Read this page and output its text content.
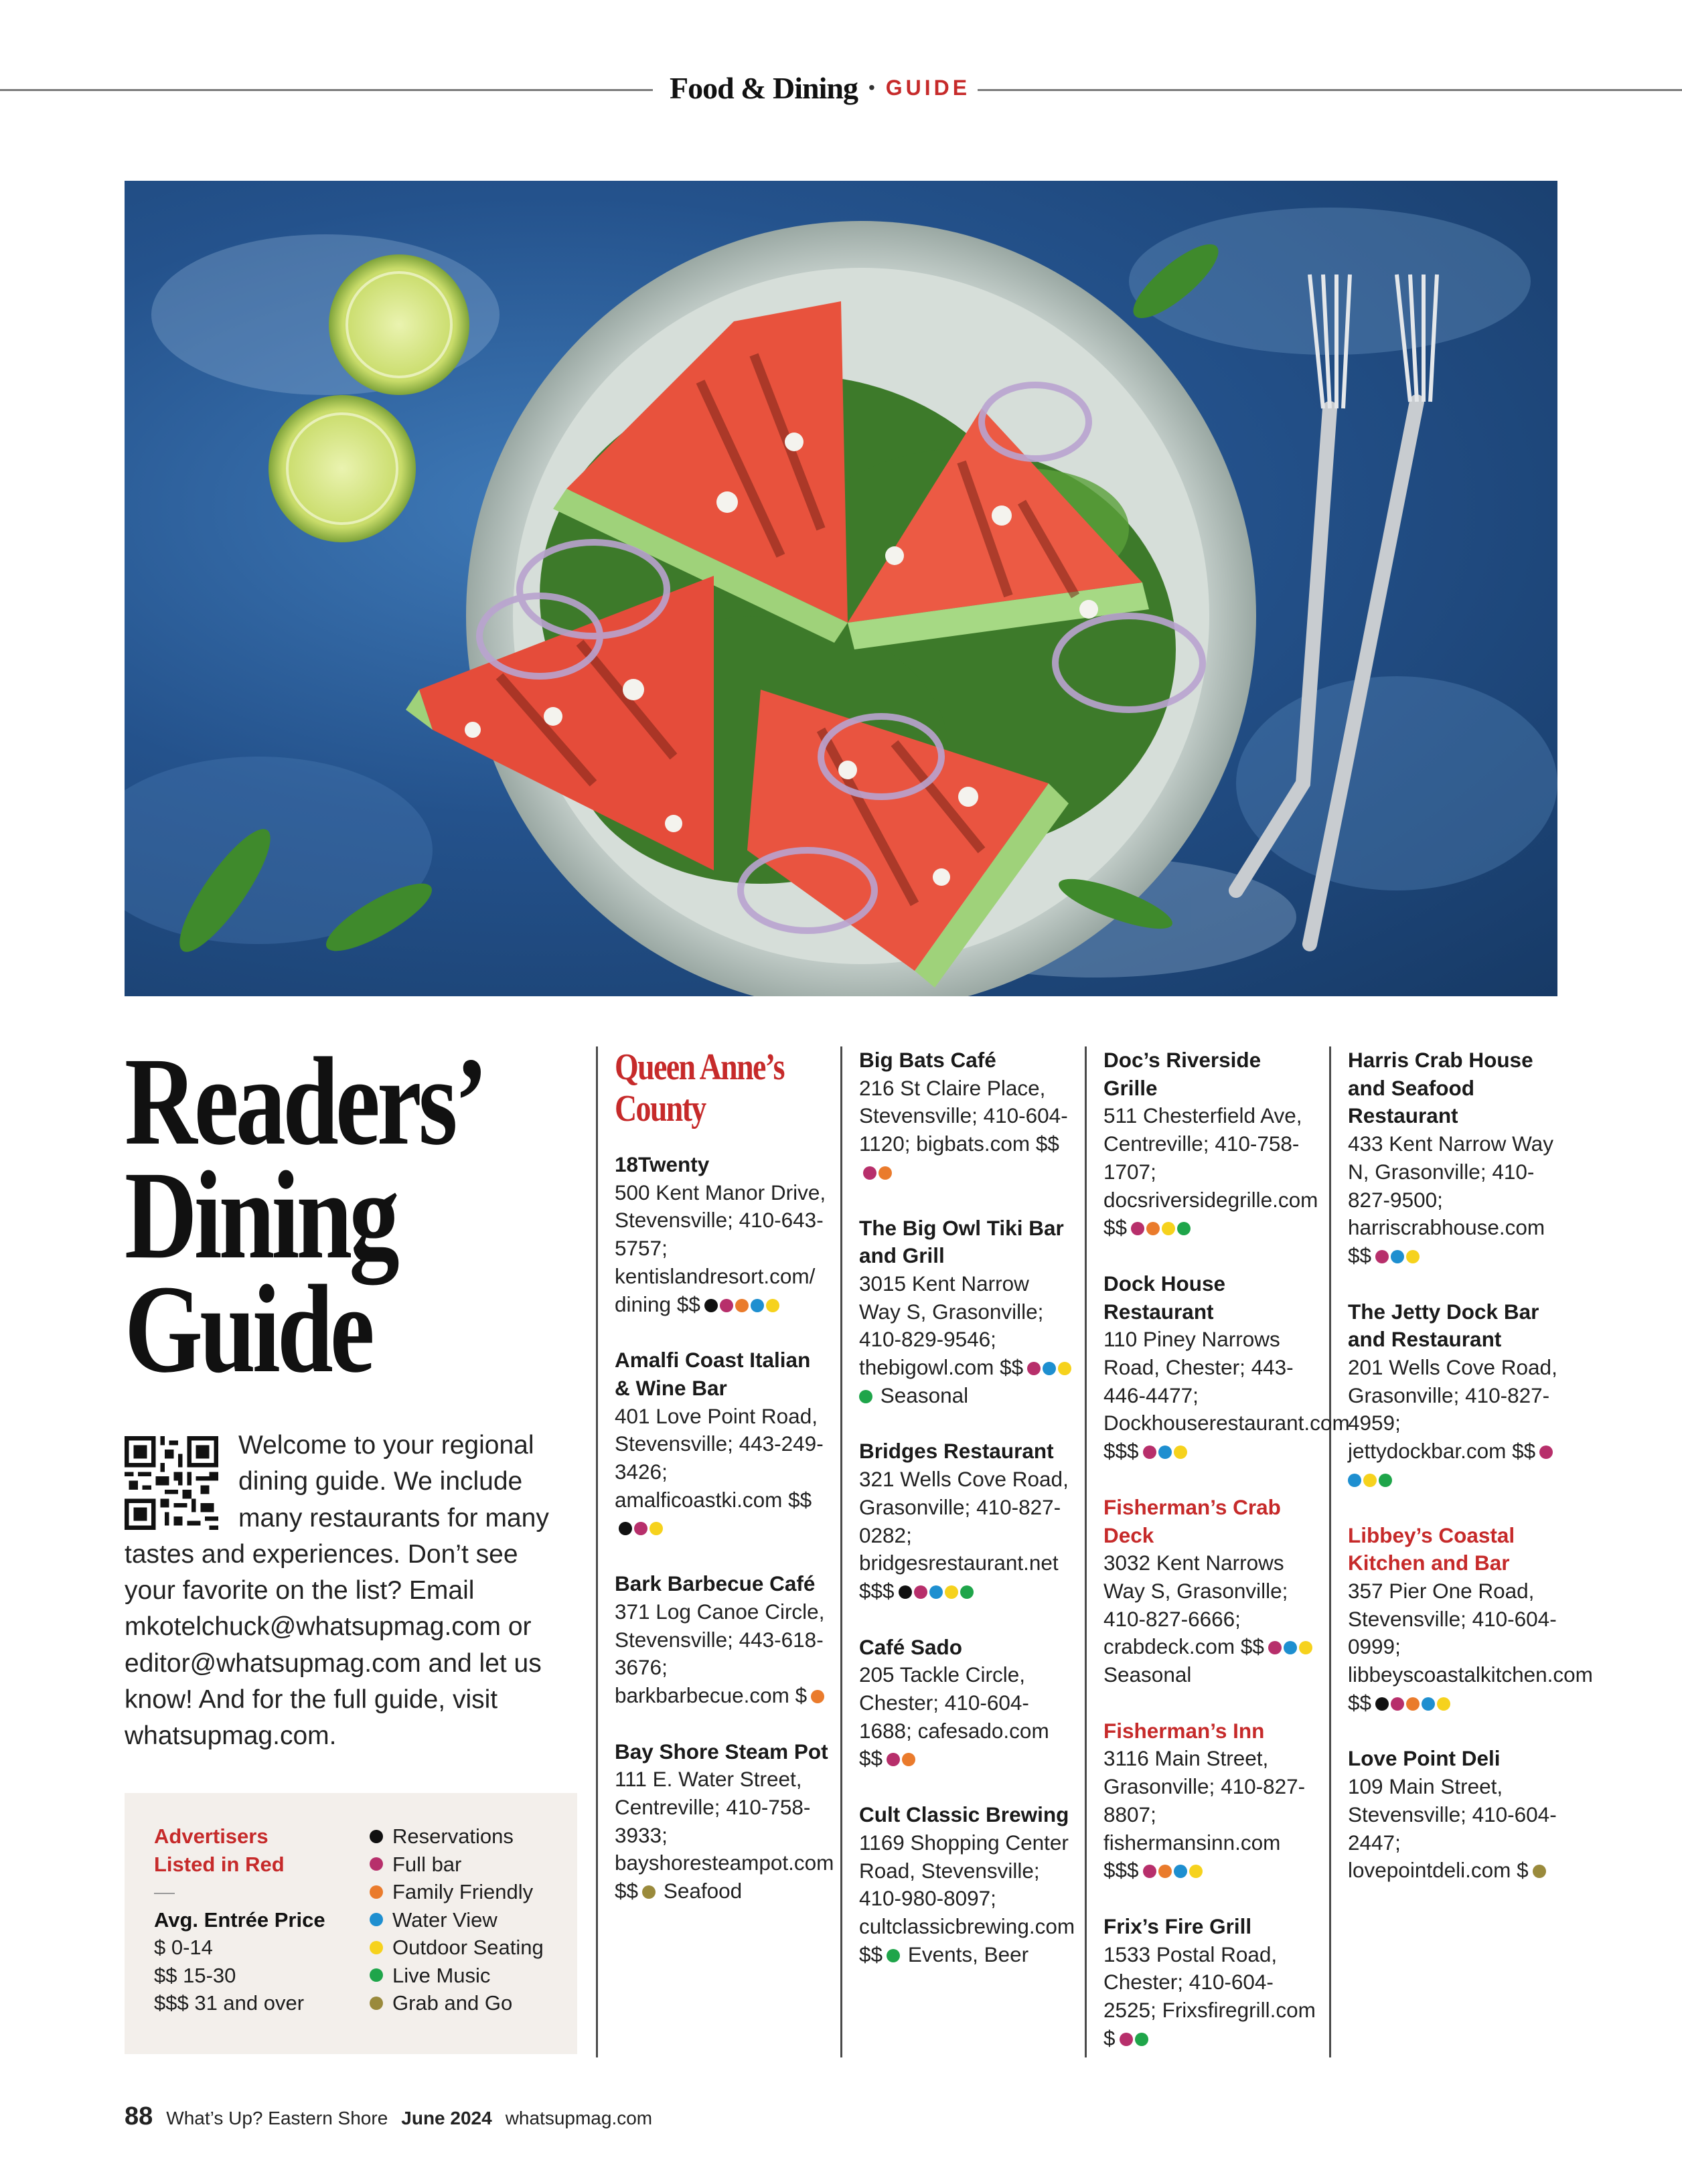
Food & Dining • GUIDE
Readers’
Dining
Guide
Welcome to your regional dining guide. We include many restaurants for many tastes and experiences. Don’t see your favorite on the list? Email mkotelchuck@whatsupmag.com or editor@whatsupmag.com and let us know! And for the full guide, visit whatsupmag.com.
Advertisers
Listed in Red
—
Avg. Entrée Price
$ 0-14
$$ 15-30
$$$ 31 and over
Reservations
Full bar
Family Friendly
Water View
Outdoor Seating
Live Music
Grab and Go
Queen Anne’s
County
18Twenty
500 Kent Manor Drive, Stevensville; 410-643-5757; kentislandresort.com/ dining $$
Amalfi Coast Italian & Wine Bar
401 Love Point Road, Stevensville; 443-249-3426; amalficoastki.com $$
Bark Barbecue Café
371 Log Canoe Circle, Stevensville; 443-618-3676; barkbarbecue.com $
Bay Shore Steam Pot
111 E. Water Street, Centreville; 410-758-3933; bayshoresteampot.com $$ Seafood
Big Bats Café
216 St Claire Place, Stevensville; 410-604-1120; bigbats.com $$
The Big Owl Tiki Bar and Grill
3015 Kent Narrow Way S, Grasonville; 410-829-9546; thebigowl.com $$ Seasonal
Bridges Restaurant
321 Wells Cove Road, Grasonville; 410-827-0282; bridgesrestaurant.net $$$
Café Sado
205 Tackle Circle, Chester; 410-604-1688; cafesado.com $$
Cult Classic Brewing
1169 Shopping Center Road, Stevensville; 410-980-8097; cultclassicbrewing.com $$ Events, Beer
Doc’s Riverside Grille
511 Chesterfield Ave, Centreville; 410-758-1707; docsriversidegrille.com $$
Dock House Restaurant
110 Piney Narrows Road, Chester; 443-446-4477; Dockhouserestaurant.com $$$
Fisherman’s Crab Deck
3032 Kent Narrows Way S, Grasonville; 410-827-6666; crabdeck.com $$ Seasonal
Fisherman’s Inn
3116 Main Street, Grasonville; 410-827-8807; fishermansinn.com $$$
Frix’s Fire Grill
1533 Postal Road, Chester; 410-604-2525; Frixsfiregrill.com $
Harris Crab House and Seafood Restaurant
433 Kent Narrow Way N, Grasonville; 410-827-9500; harriscrabhouse.com $$
The Jetty Dock Bar and Restaurant
201 Wells Cove Road, Grasonville; 410-827-4959; jettydockbar.com $$
Libbey’s Coastal Kitchen and Bar
357 Pier One Road, Stevensville; 410-604-0999; libbeyscoastalkitchen.com $$
Love Point Deli
109 Main Street, Stevensville; 410-604-2447; lovepointdeli.com $
88 What’s Up? Eastern Shore June 2024 whatsupmag.com
